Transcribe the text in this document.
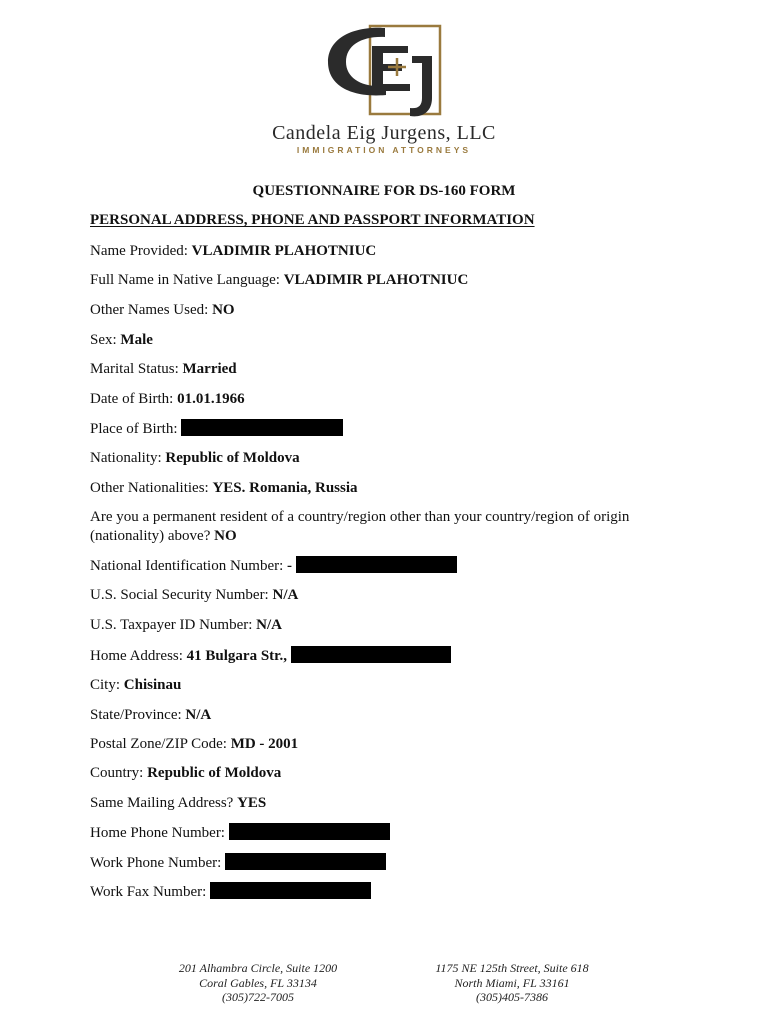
Candela Eig Jurgens, LLC
IMMIGRATION ATTORNEYS
QUESTIONNAIRE FOR DS-160 FORM
PERSONAL ADDRESS, PHONE AND PASSPORT INFORMATION
Name Provided: VLADIMIR PLAHOTNIUC
Full Name in Native Language: VLADIMIR PLAHOTNIUC
Other Names Used: NO
Sex: Male
Marital Status: Married
Date of Birth: 01.01.1966
Place of Birth:
Nationality: Republic of Moldova
Other Nationalities: YES. Romania, Russia
Are you a permanent resident of a country/region other than your country/region of origin (nationality) above? NO
National Identification Number: -
U.S. Social Security Number: N/A
U.S. Taxpayer ID Number: N/A
Home Address: 41 Bulgara Str.,
City: Chisinau
State/Province: N/A
Postal Zone/ZIP Code: MD - 2001
Country: Republic of Moldova
Same Mailing Address? YES
Home Phone Number:
Work Phone Number:
Work Fax Number:
201 Alhambra Circle, Suite 1200
Coral Gables, FL 33134
(305)722-7005
1175 NE 125th Street, Suite 618
North Miami, FL 33161
(305)405-7386
